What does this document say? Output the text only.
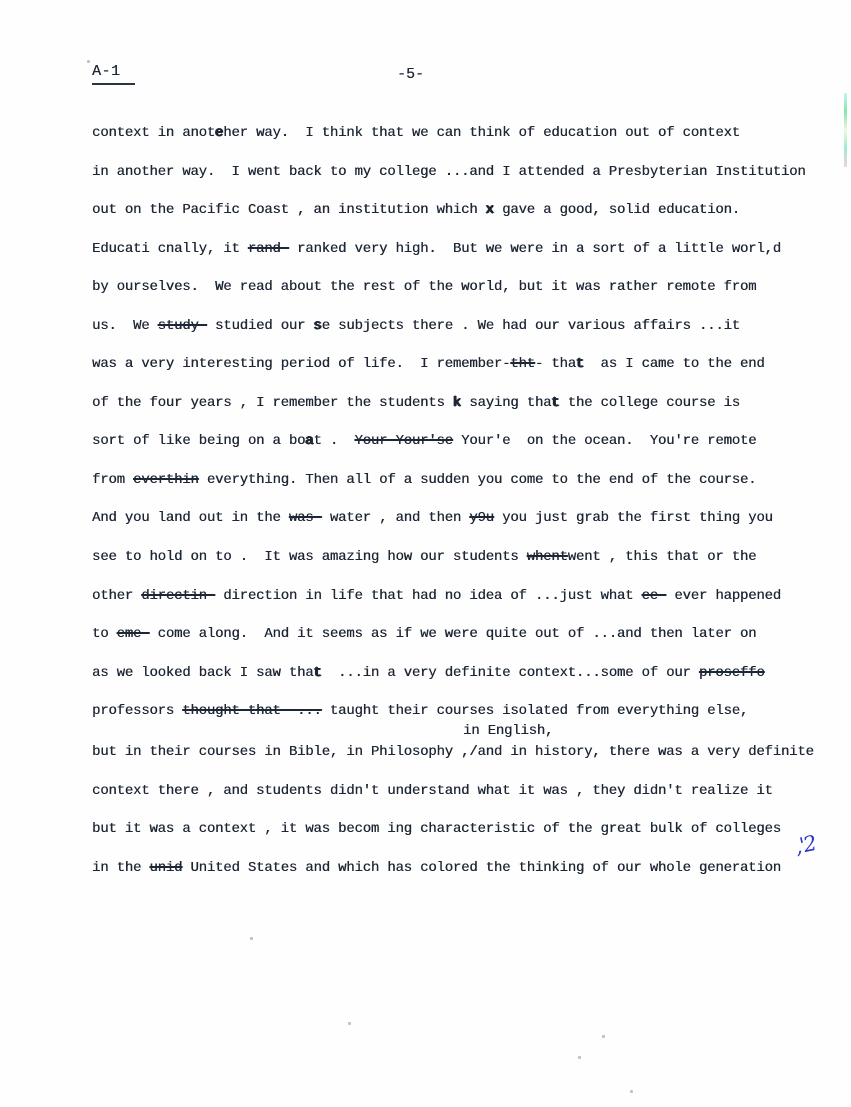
A-1	-5-
context in anoteher way.  I think that we can think of education out of context
in another way.  I went back to my college ...and I attended a Presbyterian Institution
out on the Pacific Coast , an institution which x gave a good, solid education.
Educati cnally, it rand- ranked very high.  But we were in a sort of a little worl,d
by ourselves.  We read about the rest of the world, but it was rather remote from
us.  We study- studied our se subjects there . We had our various affairs ...it
was a very interesting period of life.  I remember-tht- that  as I came to the end
of the four years , I remember the students k saying that the college course is
sort of like being on a boat .  Your-Your'se Your'e  on the ocean.  You're remote
from everthin everything. Then all of a sudden you come to the end of the course.
And you land out in the was- water , and then y9u you just grab the first thing you
see to hold on to .  It was amazing how our students whentwent , this that or the
other directin- direction in life that had no idea of ...just what ee- ever happened
to eme- come along.  And it seems as if we were quite out of ...and then later on
as we looked back I saw that  ...in a very definite context...some of our proseffo
professors thought that -... taught their courses isolated from everything else,
in English,
but in their courses in Bible, in Philosophy ,/and in history, there was a very definite
context there , and students didn't understand what it was , they didn't realize it
but it was a context , it was becom ing characteristic of the great bulk of colleges
in the unid United States and which has colored the thinking of our whole generation
,'2
